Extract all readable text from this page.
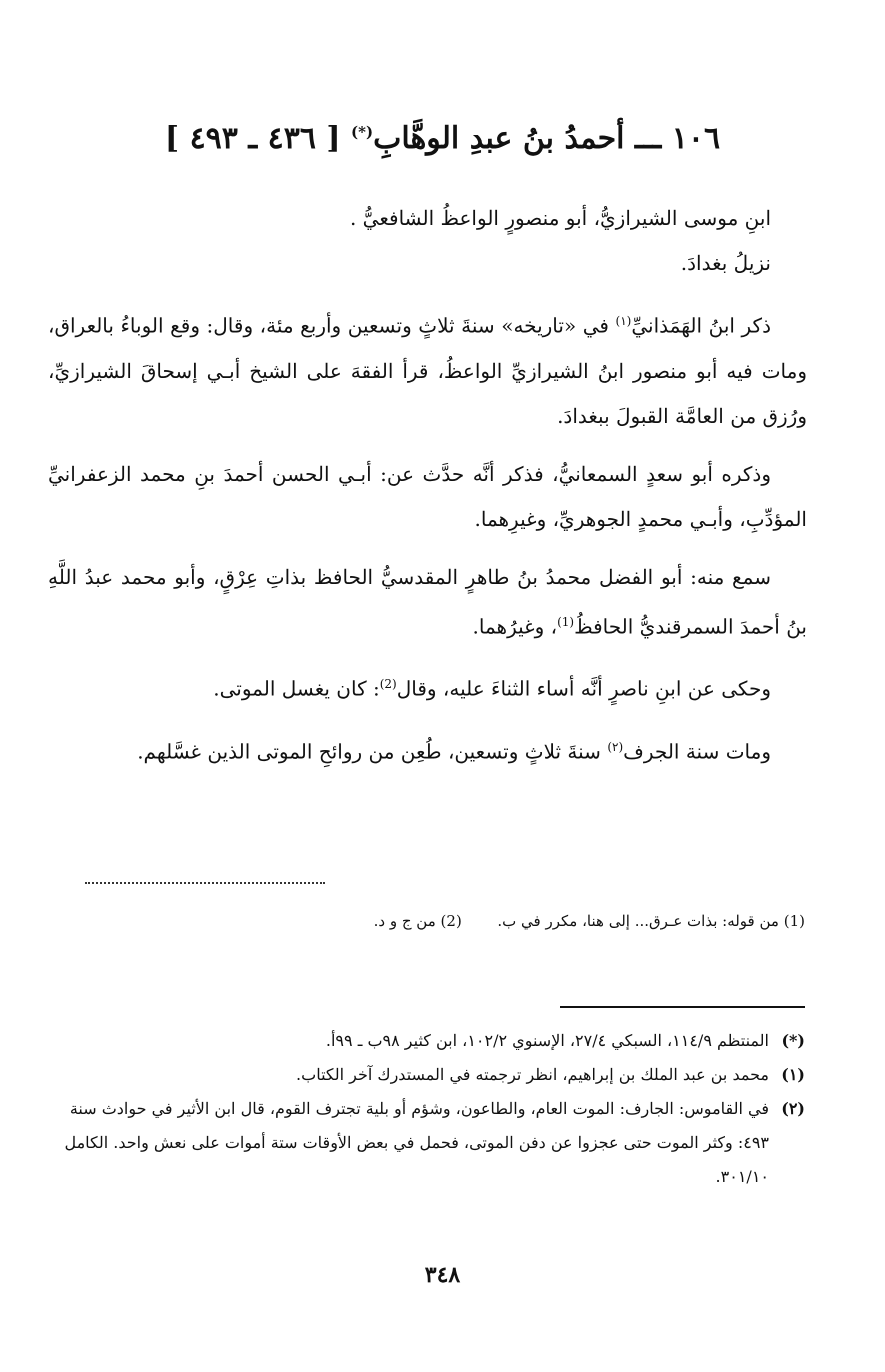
١٠٦ ـــ أحمدُ بنُ عبدِ الوهَّابِ(*) [ ٤٣٦ ـ ٤٩٣ ]

ابنِ موسى الشيرازيُّ، أبو منصورٍ الواعظُ الشافعيُّ .

نزيلُ بغدادَ.

ذكر ابنُ الهَمَذانيِّ$^{(١)}$ في «تاريخه» سنةَ ثلاثٍ وتسعين وأربع مئة، وقال: وقع الوباءُ بالعراق، ومات فيه أبو منصور ابنُ الشيرازيِّ الواعظُ، قرأ الفقهَ على الشيخ أبـي إسحاقَ الشيرازيِّ، ورُزق من العامَّة القبولَ ببغدادَ.

وذكره أبو سعدٍ السمعانيُّ، فذكر أنَّه حدَّث عن: أبـي الحسن أحمدَ بنِ محمد الزعفرانيِّ المؤدِّبِ، وأبـي محمدٍ الجوهريِّ، وغيرِهما.

سمع منه: أبو الفضل محمدُ بنُ طاهرٍ المقدسيُّ الحافظ بذاتِ عِرْقٍ، وأبو محمد عبدُ اللَّهِ بنُ أحمدَ السمرقنديُّ الحافظُ$^{(1)}$، وغيرُهما.

وحكى عن ابنِ ناصرٍ أنَّه أساء الثناءَ عليه، وقال$^{(2)}$: كان يغسل الموتى.

ومات سنة الجرف$^{(٢)}$ سنةَ ثلاثٍ وتسعين، طُعِن من روائحِ الموتى الذين غسَّلهم.

(1) من قوله: بذات عـرق... إلى هنا، مكرر في ب.  (2) من ج و د.
(*)
المنتظم ١١٤/٩، السبكي ٢٧/٤، الإسنوي ١٠٢/٢، ابن كثير ٩٨ب ـ ٩٩أ.
(١)
محمد بن عبد الملك بن إبراهيم، انظر ترجمته في المستدرك آخر الكتاب.
(٢)
في القاموس: الجارف: الموت العام، والطاعون، وشؤم أو بلية تجترف القوم، قال ابن الأثير في حوادث سنة ٤٩٣: وكثر الموت حتى عجزوا عن دفن الموتى، فحمل في بعض الأوقات ستة أموات على نعش واحد. الكامل ٣٠١/١٠.
٣٤٨
